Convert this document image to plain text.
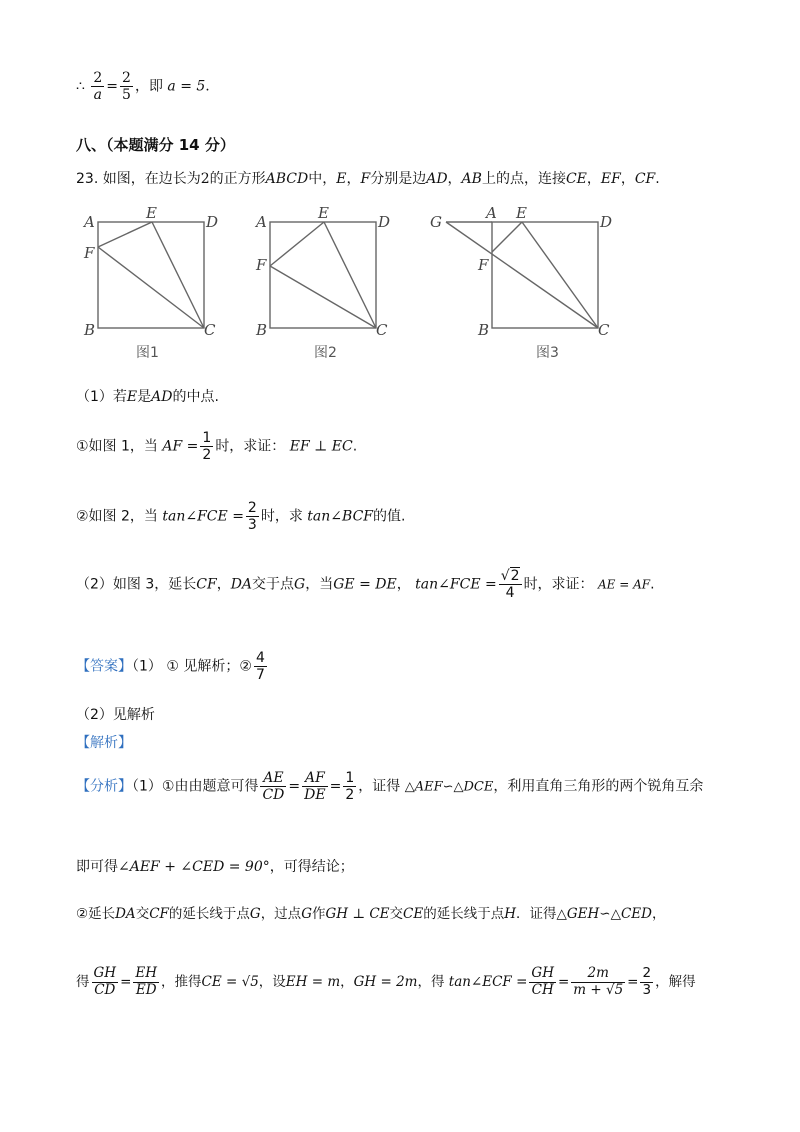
∴ $\frac{2}{a} = \frac{2}{5}$ ，即 a = 5.
八、（本题满分 14 分）
23. 如图，在边长为2的正方形ABCD中，E，F分别是边AD，AB上的点，连接CE，EF，CF.
A	E	D
F
B	C
图1
A	E	D
F
B	C
图2
G	A E	D
F
B	C
图3
（1）若E是AD的中点.
①如图 1，当 AF = $\frac{1}{2}$ 时，求证： EF ⊥ EC.
②如图 2，当 tan∠FCE = $\frac{2}{3}$ 时，求 tan∠BCF的值.
（2）如图 3，延长CF，DA交于点G，当GE = DE， tan∠FCE = $\frac{√2}{4}$ 时，求证： AE = AF.
【答案】（1） ① 见解析；② $\frac{4}{7}$
（2）见解析
【解析】
【分析】（1）①由由题意可得 $\frac{AE}{CD} = \frac{AF}{DE} = \frac{1}{2}$ ，证得 △AEF∽△DCE，利用直角三角形的两个锐角互余
即可得∠AEF + ∠CED = 90°，可得结论；
②延长DA交CF的延长线于点G，过点G作GH ⊥ CE交CE的延长线于点H．证得△GEH∽△CED，
得 $\frac{GH}{CD} = \frac{EH}{ED}$ ，推得CE = √5，设EH = m，GH = 2m，得 tan∠ECF = $\frac{GH}{CH} = \frac{2m}{m + √5} = \frac{2}{3}$ ，解得
